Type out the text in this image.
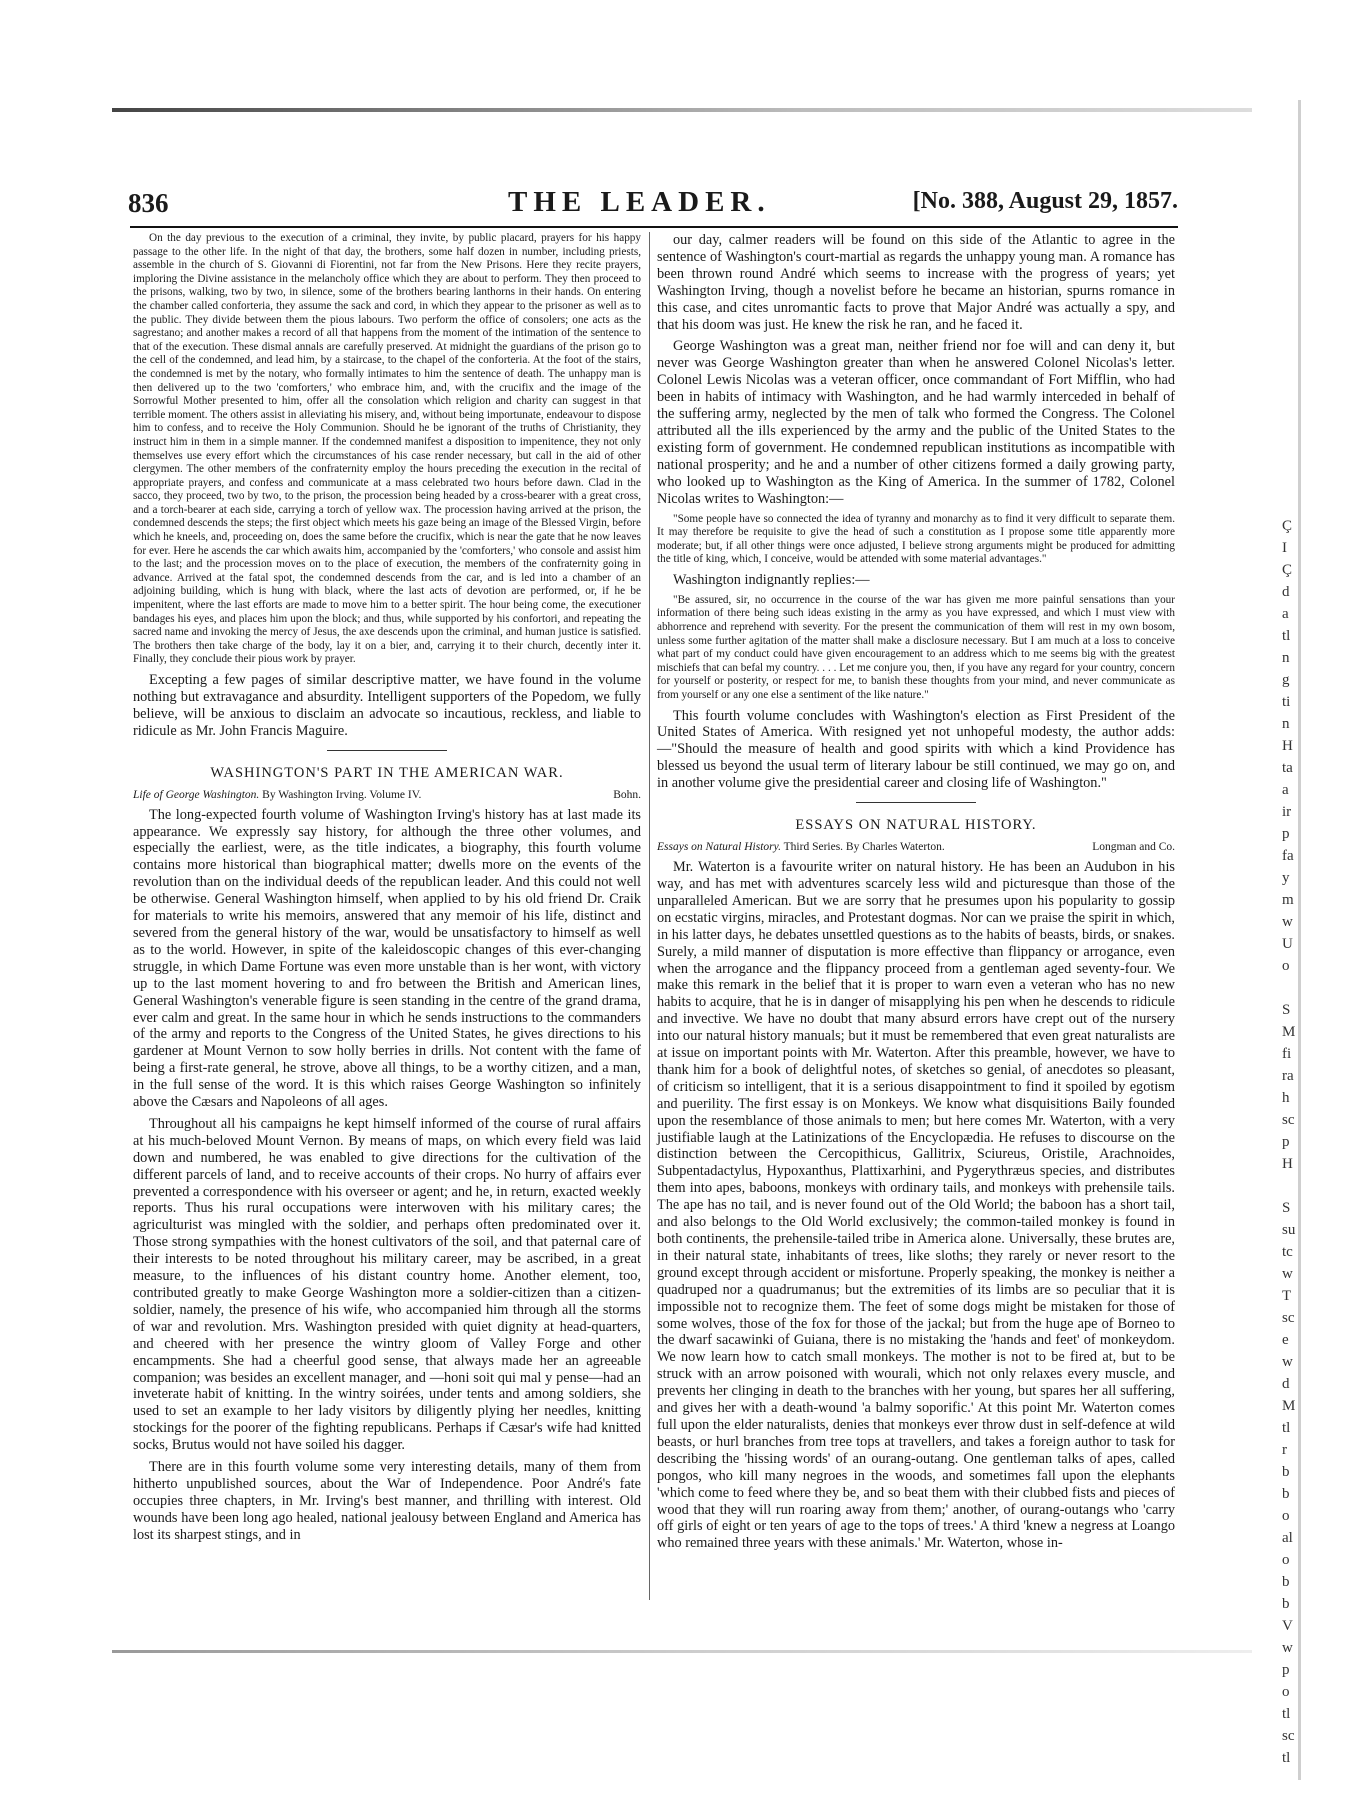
836	THE LEADER.	[No. 388, August 29, 1857.

On the day previous to the execution of a criminal, they invite, by public placard, prayers for his happy passage to the other life. In the night of that day, the brothers, some half dozen in number, including priests, assemble in the church of S. Giovanni di Fiorentini, not far from the New Prisons. Here they recite prayers, imploring the Divine assistance in the melancholy office which they are about to perform. They then proceed to the prisons, walking, two by two, in silence, some of the brothers bearing lanthorns in their hands. On entering the chamber called conforteria, they assume the sack and cord, in which they appear to the prisoner as well as to the public. They divide between them the pious labours. Two perform the office of consolers; one acts as the sagrestano; and another makes a record of all that happens from the moment of the intimation of the sentence to that of the execution. These dismal annals are carefully preserved. At midnight the guardians of the prison go to the cell of the condemned, and lead him, by a staircase, to the chapel of the conforteria. At the foot of the stairs, the condemned is met by the notary, who formally intimates to him the sentence of death. The unhappy man is then delivered up to the two 'comforters,' who embrace him, and, with the crucifix and the image of the Sorrowful Mother presented to him, offer all the consolation which religion and charity can suggest in that terrible moment. The others assist in alleviating his misery, and, without being importunate, endeavour to dispose him to confess, and to receive the Holy Communion. Should he be ignorant of the truths of Christianity, they instruct him in them in a simple manner. If the condemned manifest a disposition to impenitence, they not only themselves use every effort which the circumstances of his case render necessary, but call in the aid of other clergymen. The other members of the confraternity employ the hours preceding the execution in the recital of appropriate prayers, and confess and communicate at a mass celebrated two hours before dawn. Clad in the sacco, they proceed, two by two, to the prison, the procession being headed by a cross-bearer with a great cross, and a torch-bearer at each side, carrying a torch of yellow wax. The procession having arrived at the prison, the condemned descends the steps; the first object which meets his gaze being an image of the Blessed Virgin, before which he kneels, and, proceeding on, does the same before the crucifix, which is near the gate that he now leaves for ever. Here he ascends the car which awaits him, accompanied by the 'comforters,' who console and assist him to the last; and the procession moves on to the place of execution, the members of the confraternity going in advance. Arrived at the fatal spot, the condemned descends from the car, and is led into a chamber of an adjoining building, which is hung with black, where the last acts of devotion are performed, or, if he be impenitent, where the last efforts are made to move him to a better spirit. The hour being come, the executioner bandages his eyes, and places him upon the block; and thus, while supported by his confortori, and repeating the sacred name and invoking the mercy of Jesus, the axe descends upon the criminal, and human justice is satisfied. The brothers then take charge of the body, lay it on a bier, and, carrying it to their church, decently inter it. Finally, they conclude their pious work by prayer.

Excepting a few pages of similar descriptive matter, we have found in the volume nothing but extravagance and absurdity. Intelligent supporters of the Popedom, we fully believe, will be anxious to disclaim an advocate so incautious, reckless, and liable to ridicule as Mr. John Francis Maguire.

WASHINGTON'S PART IN THE AMERICAN WAR.

Life of George Washington. By Washington Irving. Volume IV.	Bohn.

The long-expected fourth volume of Washington Irving's history has at last made its appearance. We expressly say history, for although the three other volumes, and especially the earliest, were, as the title indicates, a biography, this fourth volume contains more historical than biographical matter; dwells more on the events of the revolution than on the individual deeds of the republican leader. And this could not well be otherwise. General Washington himself, when applied to by his old friend Dr. Craik for materials to write his memoirs, answered that any memoir of his life, distinct and severed from the general history of the war, would be unsatisfactory to himself as well as to the world. However, in spite of the kaleidoscopic changes of this ever-changing struggle, in which Dame Fortune was even more unstable than is her wont, with victory up to the last moment hovering to and fro between the British and American lines, General Washington's venerable figure is seen standing in the centre of the grand drama, ever calm and great. In the same hour in which he sends instructions to the commanders of the army and reports to the Congress of the United States, he gives directions to his gardener at Mount Vernon to sow holly berries in drills. Not content with the fame of being a first-rate general, he strove, above all things, to be a worthy citizen, and a man, in the full sense of the word. It is this which raises George Washington so infinitely above the Cæsars and Napoleons of all ages.

Throughout all his campaigns he kept himself informed of the course of rural affairs at his much-beloved Mount Vernon. By means of maps, on which every field was laid down and numbered, he was enabled to give directions for the cultivation of the different parcels of land, and to receive accounts of their crops. No hurry of affairs ever prevented a correspondence with his overseer or agent; and he, in return, exacted weekly reports. Thus his rural occupations were interwoven with his military cares; the agriculturist was mingled with the soldier, and perhaps often predominated over it. Those strong sympathies with the honest cultivators of the soil, and that paternal care of their interests to be noted throughout his military career, may be ascribed, in a great measure, to the influences of his distant country home. Another element, too, contributed greatly to make George Washington more a soldier-citizen than a citizen-soldier, namely, the presence of his wife, who accompanied him through all the storms of war and revolution. Mrs. Washington presided with quiet dignity at head-quarters, and cheered with her presence the wintry gloom of Valley Forge and other encampments. She had a cheerful good sense, that always made her an agreeable companion; was besides an excellent manager, and —honi soit qui mal y pense—had an inveterate habit of knitting. In the wintry soirées, under tents and among soldiers, she used to set an example to her lady visitors by diligently plying her needles, knitting stockings for the poorer of the fighting republicans. Perhaps if Cæsar's wife had knitted socks, Brutus would not have soiled his dagger.

There are in this fourth volume some very interesting details, many of them from hitherto unpublished sources, about the War of Independence. Poor André's fate occupies three chapters, in Mr. Irving's best manner, and thrilling with interest. Old wounds have been long ago healed, national jealousy between England and America has lost its sharpest stings, and in

our day, calmer readers will be found on this side of the Atlantic to agree in the sentence of Washington's court-martial as regards the unhappy young man. A romance has been thrown round André which seems to increase with the progress of years; yet Washington Irving, though a novelist before he became an historian, spurns romance in this case, and cites unromantic facts to prove that Major André was actually a spy, and that his doom was just. He knew the risk he ran, and he faced it.

George Washington was a great man, neither friend nor foe will and can deny it, but never was George Washington greater than when he answered Colonel Nicolas's letter. Colonel Lewis Nicolas was a veteran officer, once commandant of Fort Mifflin, who had been in habits of intimacy with Washington, and he had warmly interceded in behalf of the suffering army, neglected by the men of talk who formed the Congress. The Colonel attributed all the ills experienced by the army and the public of the United States to the existing form of government. He condemned republican institutions as incompatible with national prosperity; and he and a number of other citizens formed a daily growing party, who looked up to Washington as the King of America. In the summer of 1782, Colonel Nicolas writes to Washington:—

"Some people have so connected the idea of tyranny and monarchy as to find it very difficult to separate them. It may therefore be requisite to give the head of such a constitution as I propose some title apparently more moderate; but, if all other things were once adjusted, I believe strong arguments might be produced for admitting the title of king, which, I conceive, would be attended with some material advantages."

Washington indignantly replies:—

"Be assured, sir, no occurrence in the course of the war has given me more painful sensations than your information of there being such ideas existing in the army as you have expressed, and which I must view with abhorrence and reprehend with severity. For the present the communication of them will rest in my own bosom, unless some further agitation of the matter shall make a disclosure necessary. But I am much at a loss to conceive what part of my conduct could have given encouragement to an address which to me seems big with the greatest mischiefs that can befal my country. . . . Let me conjure you, then, if you have any regard for your country, concern for yourself or posterity, or respect for me, to banish these thoughts from your mind, and never communicate as from yourself or any one else a sentiment of the like nature."

This fourth volume concludes with Washington's election as First President of the United States of America. With resigned yet not unhopeful modesty, the author adds:—"Should the measure of health and good spirits with which a kind Providence has blessed us beyond the usual term of literary labour be still continued, we may go on, and in another volume give the presidential career and closing life of Washington."

ESSAYS ON NATURAL HISTORY.

Essays on Natural History. Third Series. By Charles Waterton.	Longman and Co.

Mr. Waterton is a favourite writer on natural history. He has been an Audubon in his way, and has met with adventures scarcely less wild and picturesque than those of the unparalleled American. But we are sorry that he presumes upon his popularity to gossip on ecstatic virgins, miracles, and Protestant dogmas. Nor can we praise the spirit in which, in his latter days, he debates unsettled questions as to the habits of beasts, birds, or snakes. Surely, a mild manner of disputation is more effective than flippancy or arrogance, even when the arrogance and the flippancy proceed from a gentleman aged seventy-four. We make this remark in the belief that it is proper to warn even a veteran who has no new habits to acquire, that he is in danger of misapplying his pen when he descends to ridicule and invective. We have no doubt that many absurd errors have crept out of the nursery into our natural history manuals; but it must be remembered that even great naturalists are at issue on important points with Mr. Waterton. After this preamble, however, we have to thank him for a book of delightful notes, of sketches so genial, of anecdotes so pleasant, of criticism so intelligent, that it is a serious disappointment to find it spoiled by egotism and puerility. The first essay is on Monkeys. We know what disquisitions Baily founded upon the resemblance of those animals to men; but here comes Mr. Waterton, with a very justifiable laugh at the Latinizations of the Encyclopædia. He refuses to discourse on the distinction between the Cercopithicus, Gallitrix, Sciureus, Oristile, Arachnoides, Subpentadactylus, Hypoxanthus, Plattixarhini, and Pygerythræus species, and distributes them into apes, baboons, monkeys with ordinary tails, and monkeys with prehensile tails. The ape has no tail, and is never found out of the Old World; the baboon has a short tail, and also belongs to the Old World exclusively; the common-tailed monkey is found in both continents, the prehensile-tailed tribe in America alone. Universally, these brutes are, in their natural state, inhabitants of trees, like sloths; they rarely or never resort to the ground except through accident or misfortune. Properly speaking, the monkey is neither a quadruped nor a quadrumanus; but the extremities of its limbs are so peculiar that it is impossible not to recognize them. The feet of some dogs might be mistaken for those of some wolves, those of the fox for those of the jackal; but from the huge ape of Borneo to the dwarf sacawinki of Guiana, there is no mistaking the 'hands and feet' of monkeydom. We now learn how to catch small monkeys. The mother is not to be fired at, but to be struck with an arrow poisoned with wourali, which not only relaxes every muscle, and prevents her clinging in death to the branches with her young, but spares her all suffering, and gives her with a death-wound 'a balmy soporific.' At this point Mr. Waterton comes full upon the elder naturalists, denies that monkeys ever throw dust in self-defence at wild beasts, or hurl branches from tree tops at travellers, and takes a foreign author to task for describing the 'hissing words' of an ourang-outang. One gentleman talks of apes, called pongos, who kill many negroes in the woods, and sometimes fall upon the elephants 'which come to feed where they be, and so beat them with their clubbed fists and pieces of wood that they will run roaring away from them;' another, of ourang-outangs who 'carry off girls of eight or ten years of age to the tops of trees.' A third 'knew a negress at Loango who remained three years with these animals.' Mr. Waterton, whose in-

Ç
I
Ç
d
a
tl
n
g
ti
n
H
ta
a
ir
p
fa
y
m
w
U
o
S
M
fi
ra
h
sc
p
H
S
su
tc
w
T
sc
e
w
d
M
tl
r
b
b
o
al
o
b
b
V
w
p
o
tl
sc
tl
